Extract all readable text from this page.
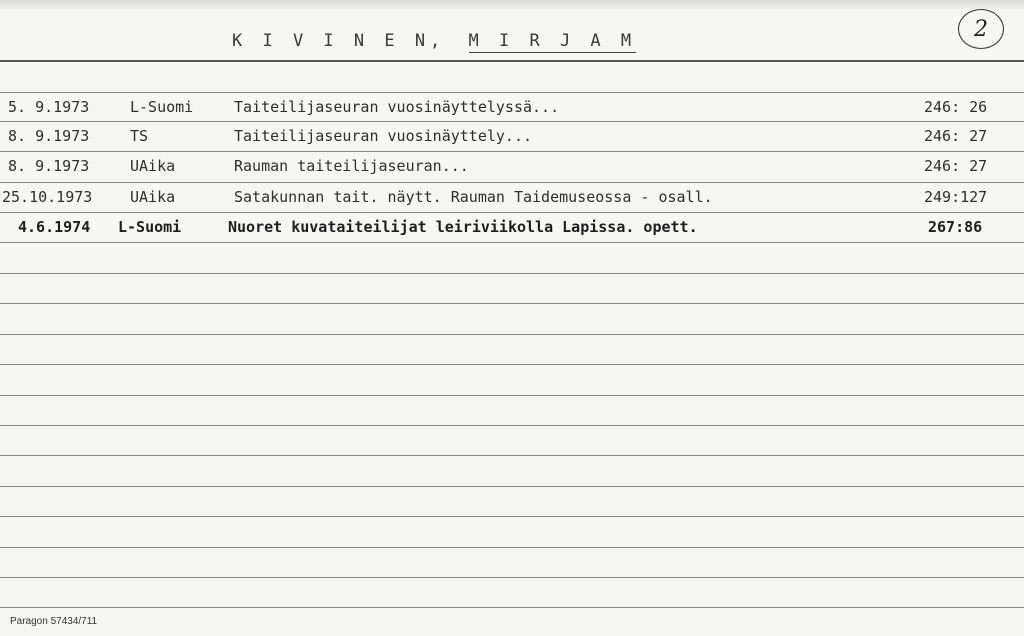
K I V I N E N, M I R J A M	2
5. 9.1973	L-Suomi	Taiteilijaseuran vuosinäyttelyssä...	246: 26
8. 9.1973	TS	Taiteilijaseuran vuosinäyttely...	246: 27
8. 9.1973	UAika	Rauman taiteilijaseuran...	246: 27
25.10.1973	UAika	Satakunnan tait. näytt. Rauman Taidemuseossa - osall.	249:127
4.6.1974 L-Suomi	Nuoret kuvataiteilijat leiriviikolla Lapissa. opett.	267:86
Paragon 57434/711
